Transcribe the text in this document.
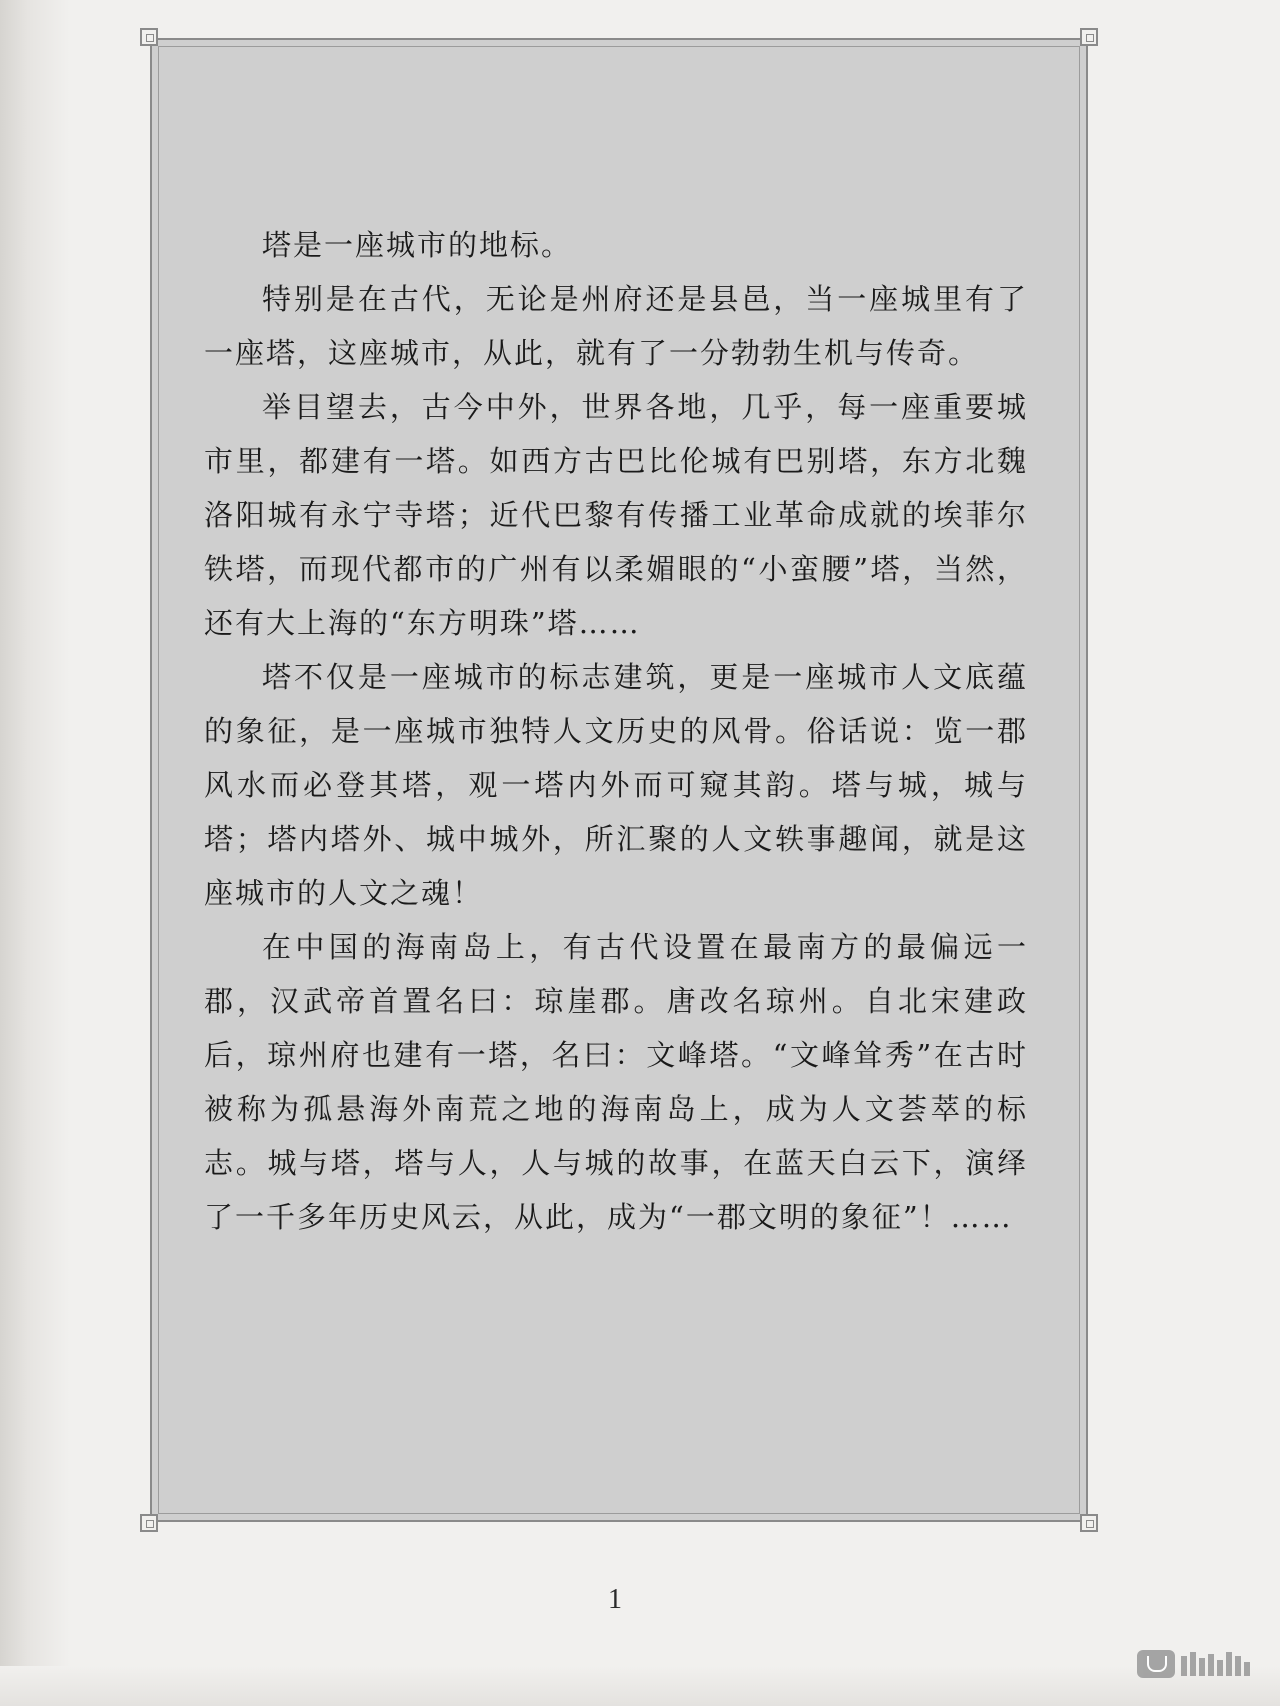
塔是一座城市的地标。

特别是在古代，无论是州府还是县邑，当一座城里有了一座塔，这座城市，从此，就有了一分勃勃生机与传奇。

举目望去，古今中外，世界各地，几乎，每一座重要城市里，都建有一塔。如西方古巴比伦城有巴别塔，东方北魏洛阳城有永宁寺塔；近代巴黎有传播工业革命成就的埃菲尔铁塔，而现代都市的广州有以柔媚眼的“小蛮腰”塔，当然，还有大上海的“东方明珠”塔……

塔不仅是一座城市的标志建筑，更是一座城市人文底蕴的象征，是一座城市独特人文历史的风骨。俗话说：览一郡风水而必登其塔，观一塔内外而可窥其韵。塔与城，城与塔；塔内塔外、城中城外，所汇聚的人文轶事趣闻，就是这座城市的人文之魂！

在中国的海南岛上，有古代设置在最南方的最偏远一郡，汉武帝首置名曰：琼崖郡。唐改名琼州。自北宋建政后，琼州府也建有一塔，名曰：文峰塔。“文峰耸秀”在古时被称为孤悬海外南荒之地的海南岛上，成为人文荟萃的标志。城与塔，塔与人，人与城的故事，在蓝天白云下，演绎了一千多年历史风云，从此，成为“一郡文明的象征”！……

1
